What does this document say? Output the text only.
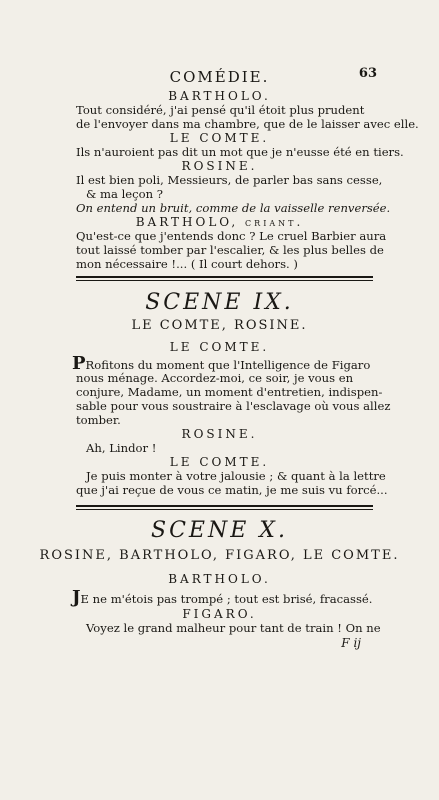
COMÉDIE.	63
BARTHOLO.
Tout considéré, j'ai pensé qu'il étoit plus prudent
de l'envoyer dans ma chambre, que de le laisser avec elle.
LE COMTE.
Ils n'auroient pas dit un mot que je n'eusse été en tiers.
ROSINE.
Il est bien poli, Messieurs, de parler bas sans cesse,
& ma leçon ?
On entend un bruit, comme de la vaisselle renversée.
BARTHOLO, criant.
Qu'est-ce que j'entends donc ? Le cruel Barbier aura
tout laissé tomber par l'escalier, & les plus belles de
mon nécessaire !... ( Il court dehors. )
SCENE IX.
LE COMTE, ROSINE.
LE COMTE.
PRofitons du moment que l'Intelligence de Figaro
nous ménage. Accordez-moi, ce soir, je vous en
conjure, Madame, un moment d'entretien, indispen-
sable pour vous soustraire à l'esclavage où vous allez
tomber.
ROSINE.
Ah, Lindor !
LE COMTE.
Je puis monter à votre jalousie ; & quant à la lettre
que j'ai reçue de vous ce matin, je me suis vu forcé...
SCENE X.
ROSINE, BARTHOLO, FIGARO, LE COMTE.
BARTHOLO.
JE ne m'étois pas trompé ; tout est brisé, fracassé.
FIGARO.
Voyez le grand malheur pour tant de train ! On ne
F ij
